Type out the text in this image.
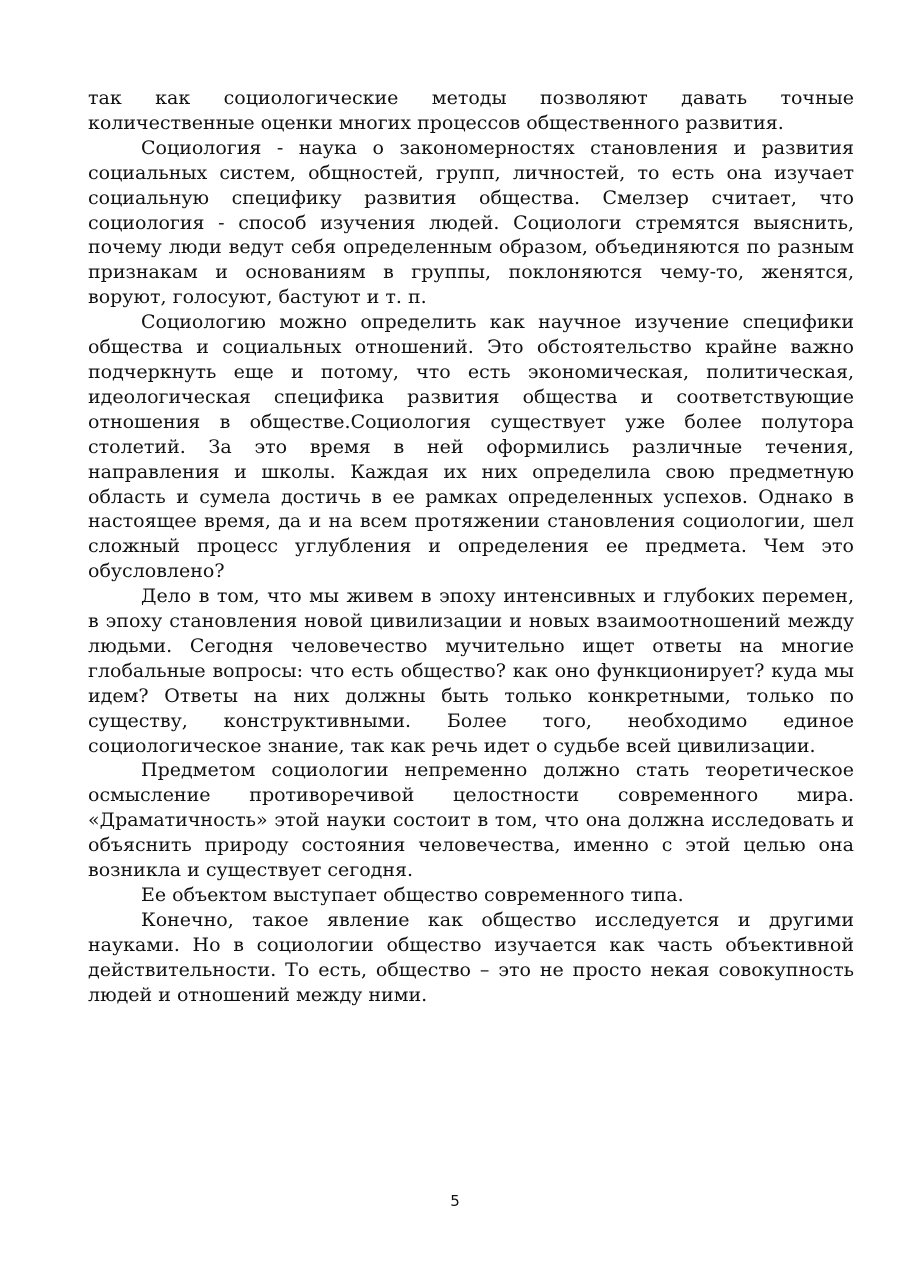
так как социологические методы позволяют давать точные количественные оценки многих процессов общественного развития.

Социология - наука о закономерностях становления и развития социальных систем, общностей, групп, личностей, то есть она изучает социальную специфику развития общества. Смелзер считает, что социология - способ изучения людей. Социологи стремятся выяснить, почему люди ведут себя определенным образом, объединяются по разным признакам и основаниям в группы, поклоняются чему-то, женятся, воруют, голосуют, бастуют и т. п.

Социологию можно определить как научное изучение специфики общества и социальных отношений. Это обстоятельство крайне важно подчеркнуть еще и потому, что есть экономическая, политическая, идеологическая специфика развития общества и соответствующие отношения в обществе.Социология существует уже более полутора столетий. За это время в ней оформились различные течения, направления и школы. Каждая их них определила свою предметную область и сумела достичь в ее рамках определенных успехов. Однако в настоящее время, да и на всем протяжении становления социологии, шел сложный процесс углубления и определения ее предмета. Чем это обусловлено?

Дело в том, что мы живем в эпоху интенсивных и глубоких перемен, в эпоху становления новой цивилизации и новых взаимоотношений между людьми. Сегодня человечество мучительно ищет ответы на многие глобальные вопросы: что есть общество? как оно функционирует? куда мы идем? Ответы на них должны быть только конкретными, только по существу, конструктивными. Более того, необходимо единое социологическое знание, так как речь идет о судьбе всей цивилизации.

Предметом социологии непременно должно стать теоретическое осмысление противоречивой целостности современного мира. «Драматичность» этой науки состоит в том, что она должна исследовать и объяснить природу состояния человечества, именно с этой целью она возникла и существует сегодня.

Ее объектом выступает общество современного типа.

Конечно, такое явление как общество исследуется и другими науками. Но в социологии общество изучается как часть объективной действительности. То есть, общество – это не просто некая совокупность людей и отношений между ними.

5
